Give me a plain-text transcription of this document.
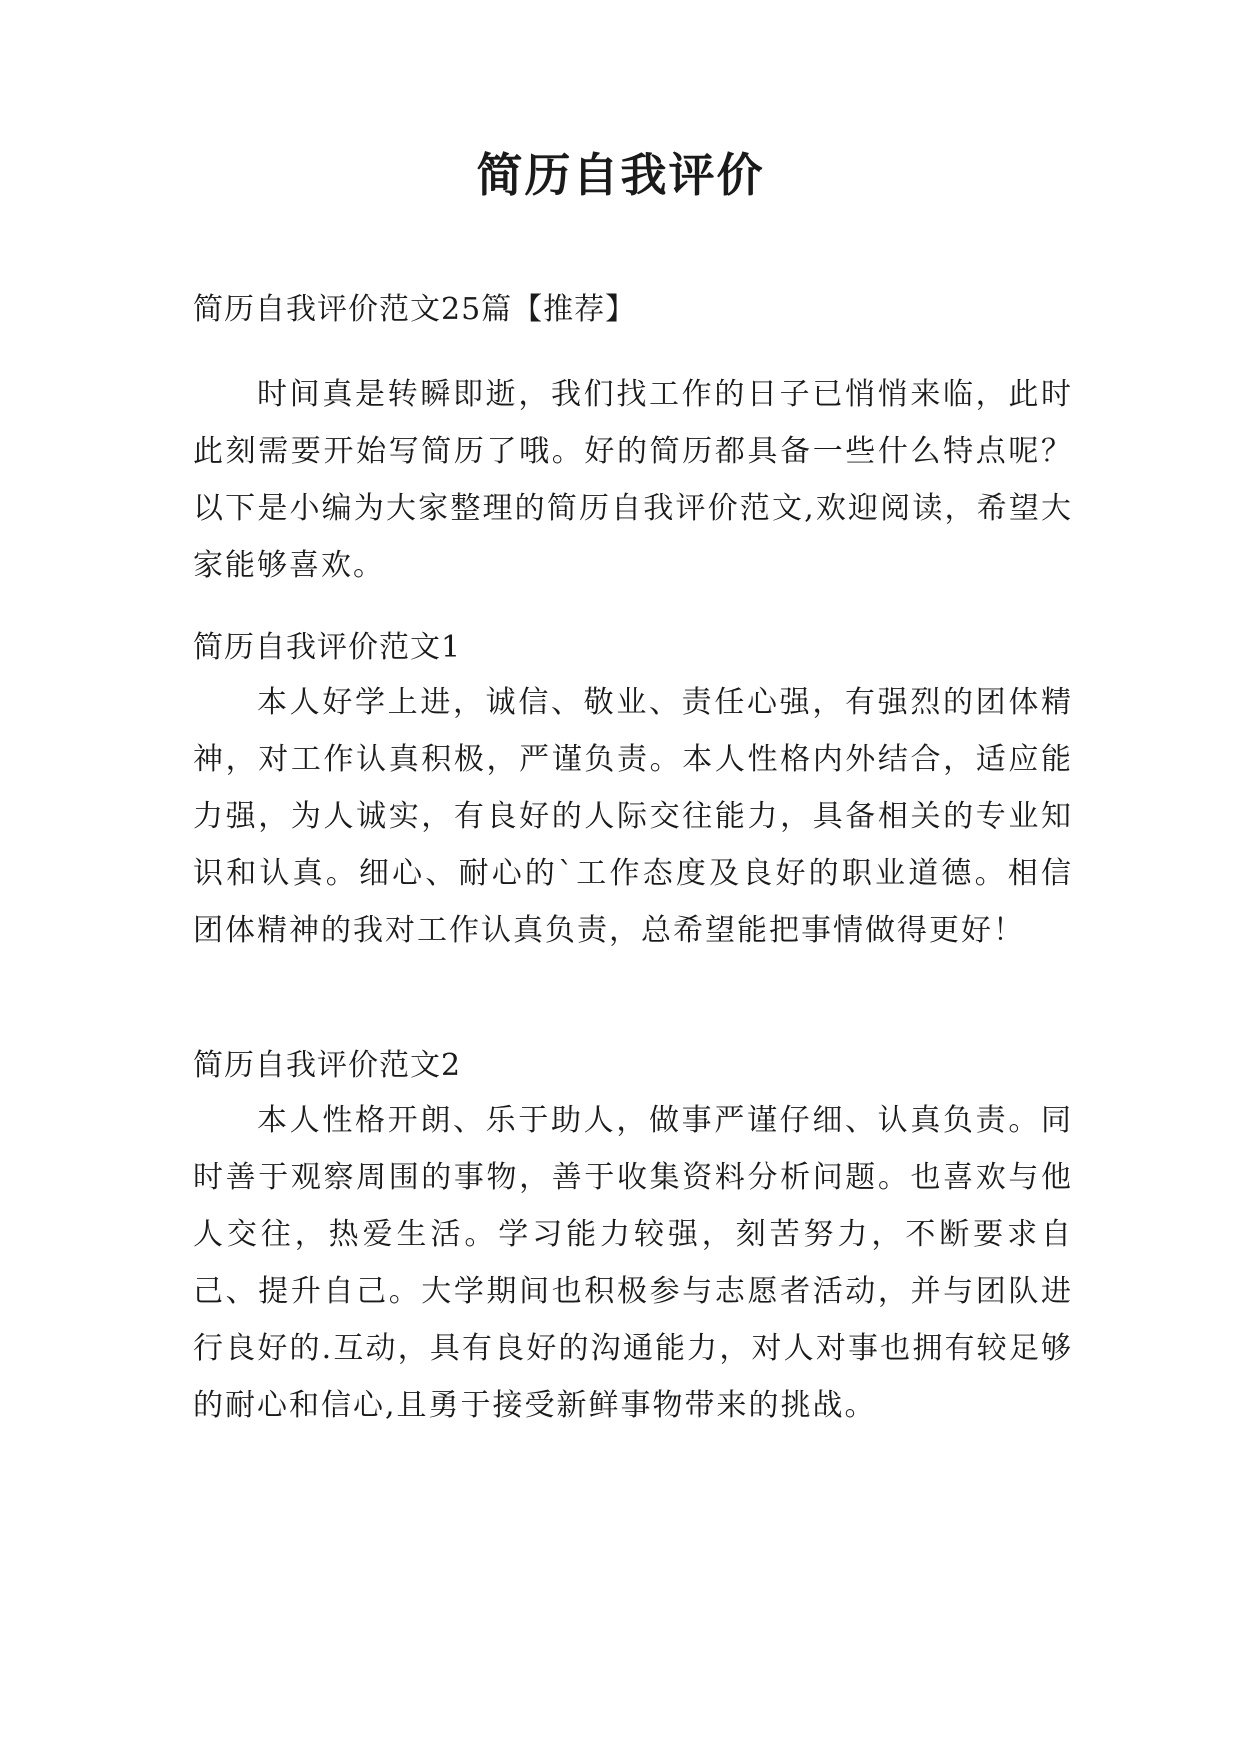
简历自我评价

简历自我评价范文25篇【推荐】

时间真是转瞬即逝，我们找工作的日子已悄悄来临，此时此刻需要开始写简历了哦。好的简历都具备一些什么特点呢？以下是小编为大家整理的简历自我评价范文,欢迎阅读，希望大家能够喜欢。

简历自我评价范文1

本人好学上进，诚信、敬业、责任心强，有强烈的团体精神，对工作认真积极，严谨负责。本人性格内外结合，适应能力强，为人诚实，有良好的人际交往能力，具备相关的专业知识和认真。细心、耐心的`工作态度及良好的职业道德。相信团体精神的我对工作认真负责，总希望能把事情做得更好！

简历自我评价范文2

本人性格开朗、乐于助人，做事严谨仔细、认真负责。同时善于观察周围的事物，善于收集资料分析问题。也喜欢与他人交往，热爱生活。学习能力较强，刻苦努力，不断要求自己、提升自己。大学期间也积极参与志愿者活动，并与团队进行良好的.互动，具有良好的沟通能力，对人对事也拥有较足够的耐心和信心,且勇于接受新鲜事物带来的挑战。
